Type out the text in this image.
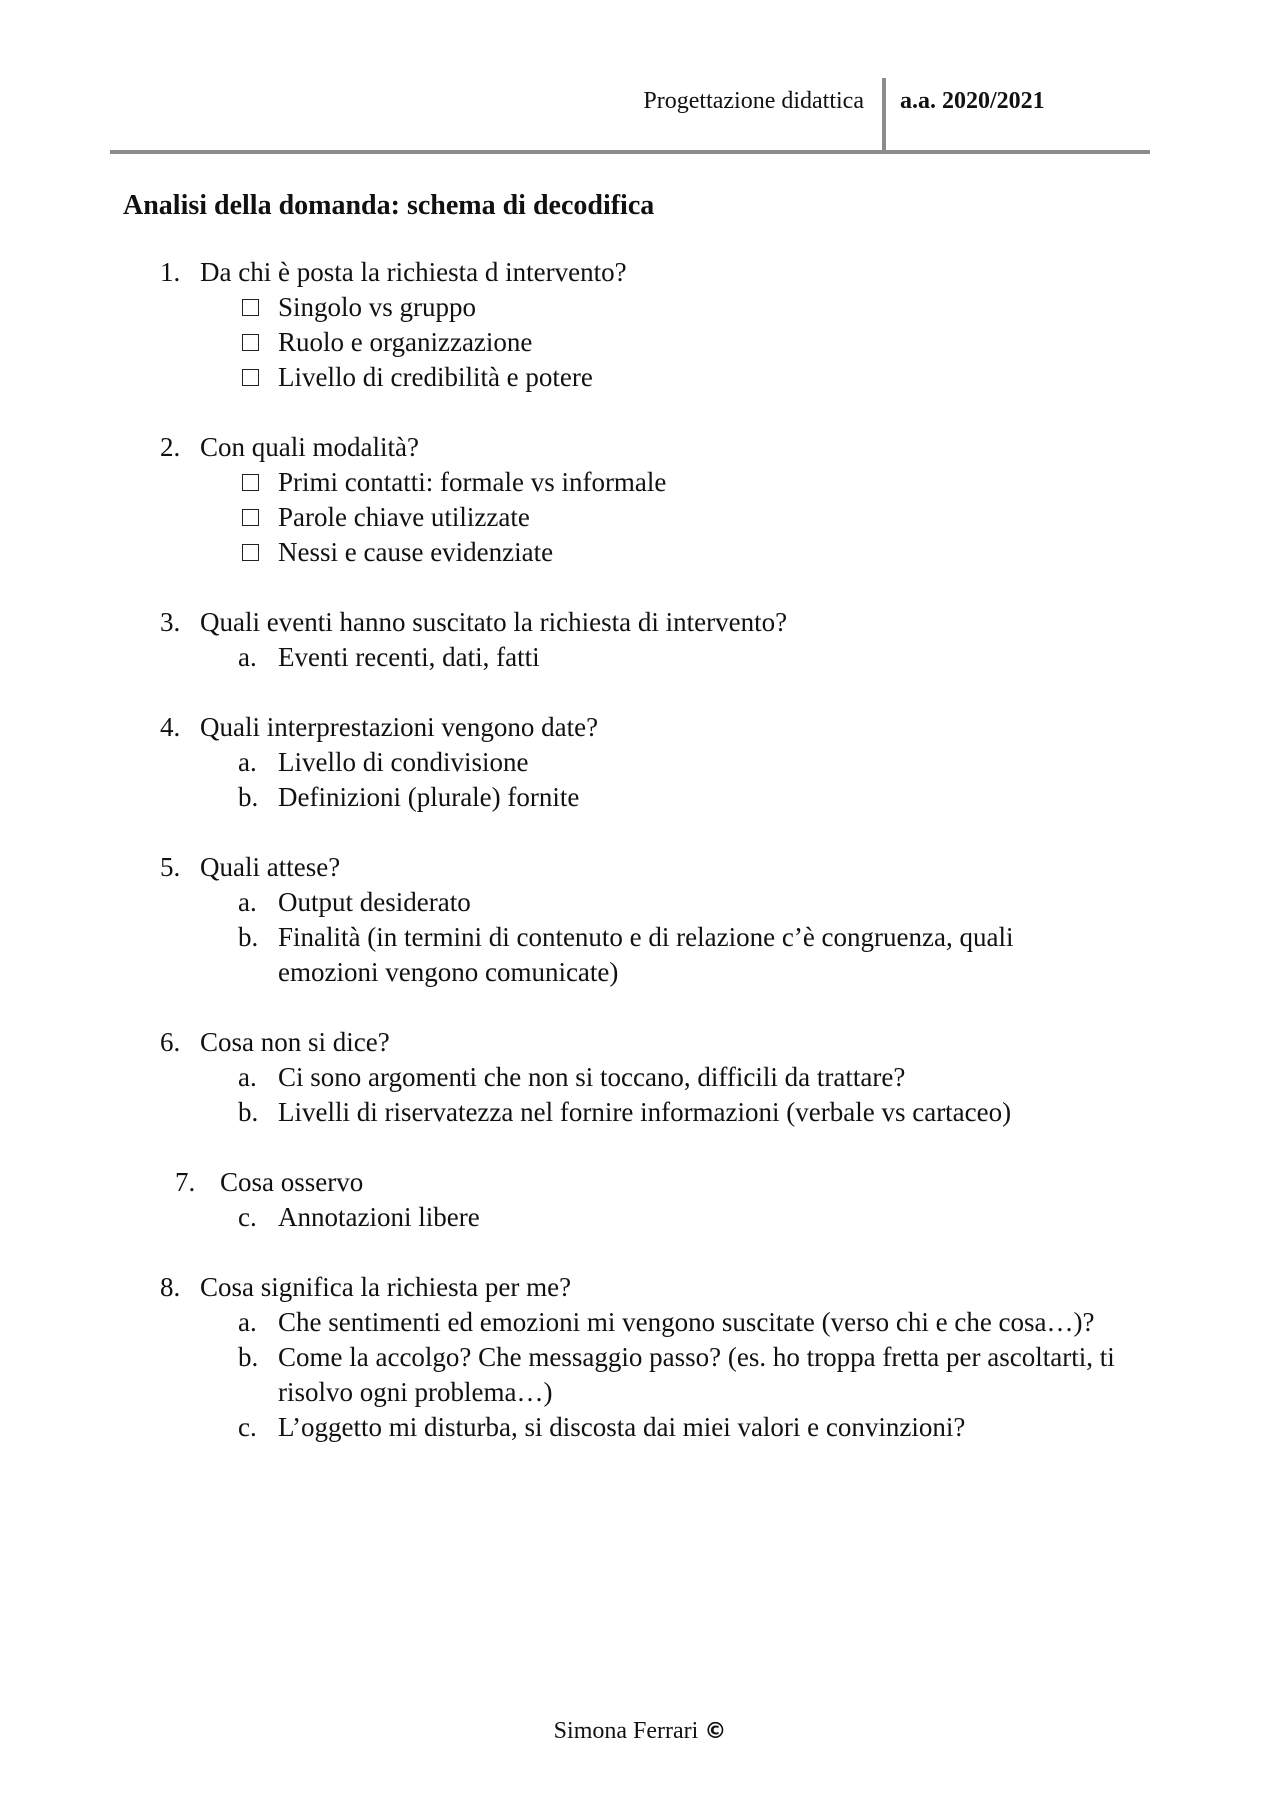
Progettazione didattica a.a. 2020/2021
Analisi della domanda: schema di decodifica
1. Da chi è posta la richiesta d intervento?
Singolo vs gruppo
Ruolo e organizzazione
Livello di credibilità e potere
2. Con quali modalità?
Primi contatti: formale vs informale
Parole chiave utilizzate
Nessi e cause evidenziate
3. Quali eventi hanno suscitato la richiesta di intervento?
a. Eventi recenti, dati, fatti
4. Quali interprestazioni vengono date?
a. Livello di condivisione
b. Definizioni (plurale) fornite
5. Quali attese?
a. Output desiderato
b. Finalità (in termini di contenuto e di relazione c’è congruenza, quali emozioni vengono comunicate)
6. Cosa non si dice?
a. Ci sono argomenti che non si toccano, difficili da trattare?
b. Livelli di riservatezza nel fornire informazioni (verbale vs cartaceo)
7. Cosa osservo
c. Annotazioni libere
8. Cosa significa la richiesta per me?
a. Che sentimenti ed emozioni mi vengono suscitate (verso chi e che cosa…)?
b. Come la accolgo? Che messaggio passo? (es. ho troppa fretta per ascoltarti, ti risolvo ogni problema…)
c. L’oggetto mi disturba, si discosta dai miei valori e convinzioni?
Simona Ferrari ©
